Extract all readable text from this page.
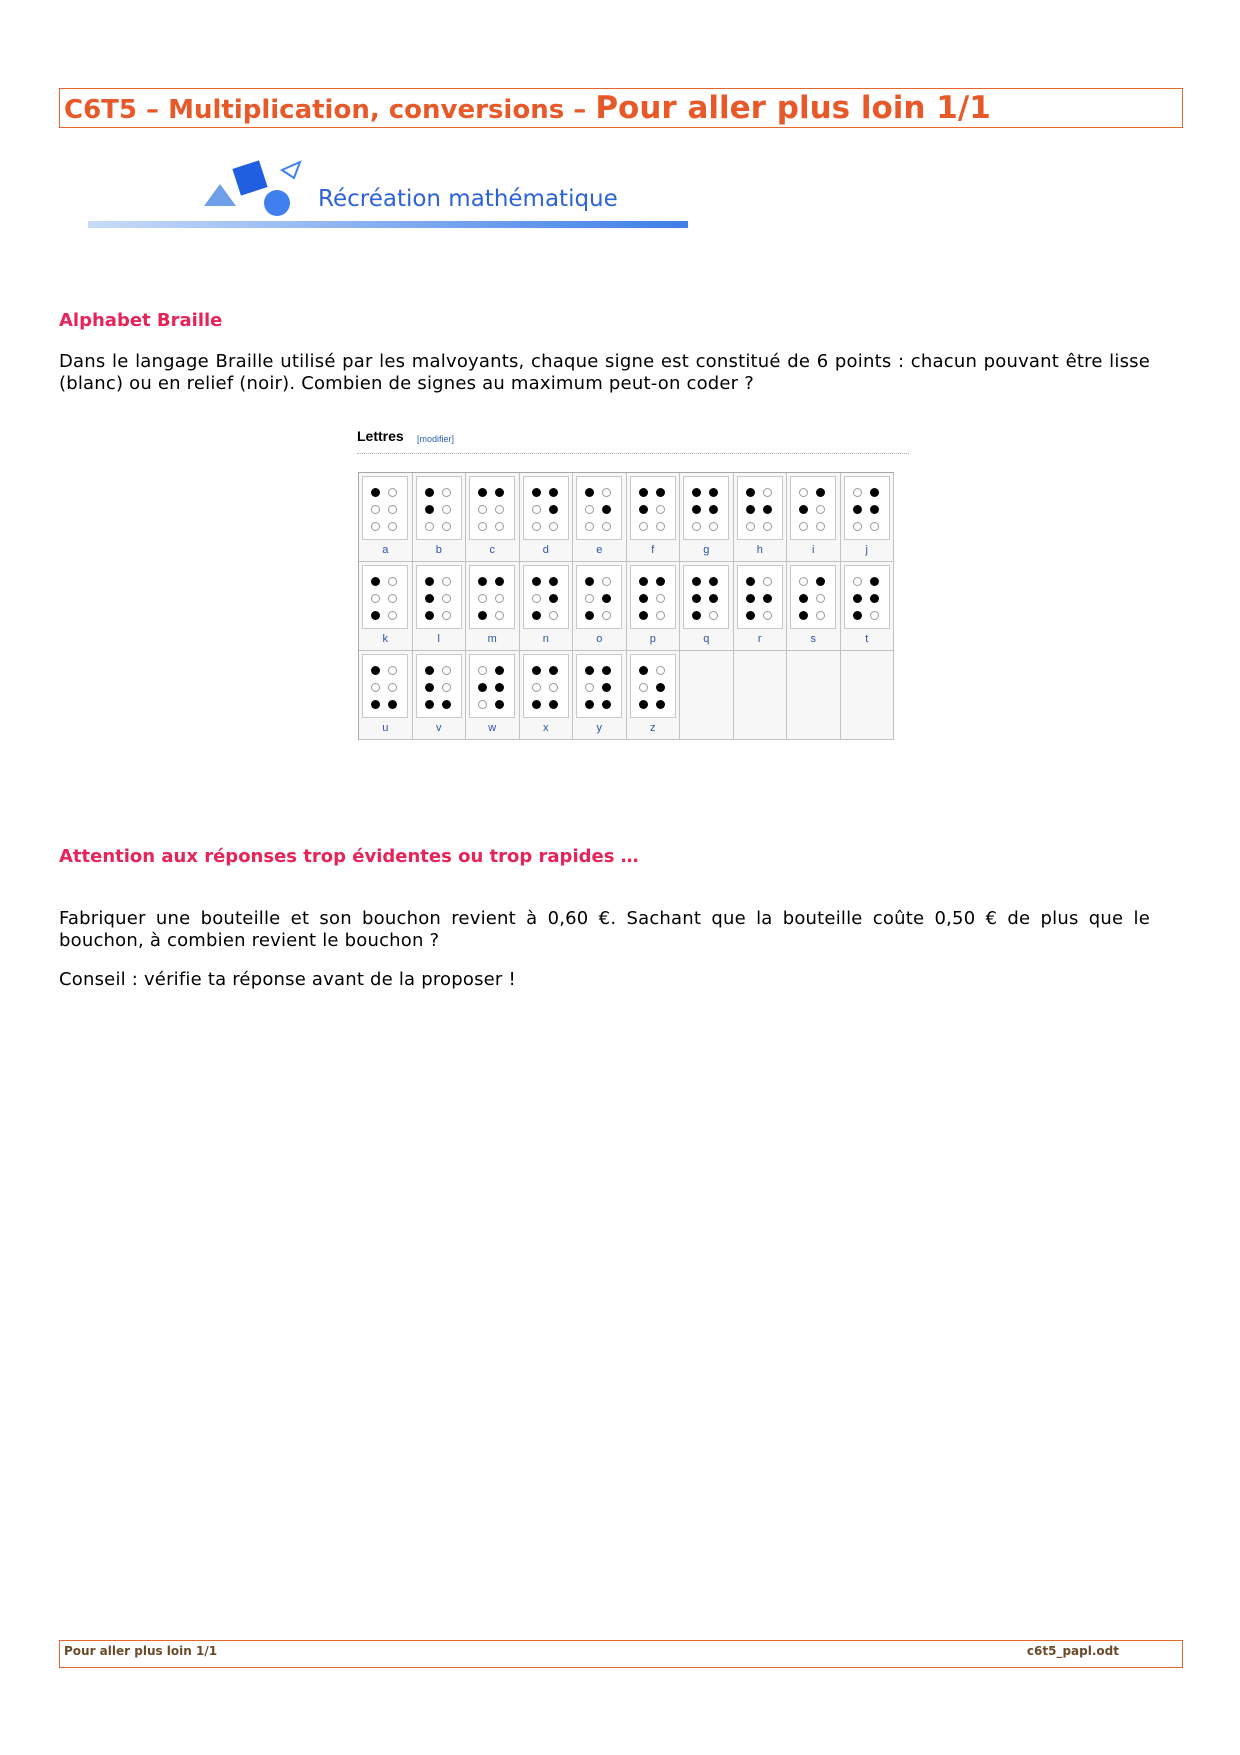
C6T5 – Multiplication, conversions – Pour aller plus loin 1/1
Récréation mathématique
Alphabet Braille
Dans le langage Braille utilisé par les malvoyants, chaque signe est constitué de 6 points : chacun pouvant être lisse (blanc) ou en relief (noir). Combien de signes au maximum peut-on coder ?
Lettres [modifier]
a	b	c	d	e	f	g	h	i	j
k	l	m	n	o	p	q	r	s	t
u	v	w	x	y	z
Attention aux réponses trop évidentes ou trop rapides …
Fabriquer une bouteille et son bouchon revient à 0,60 €. Sachant que la bouteille coûte 0,50 € de plus que le bouchon, à combien revient le bouchon ?
Conseil : vérifie ta réponse avant de la proposer !
Pour aller plus loin 1/1	c6t5_papl.odt
